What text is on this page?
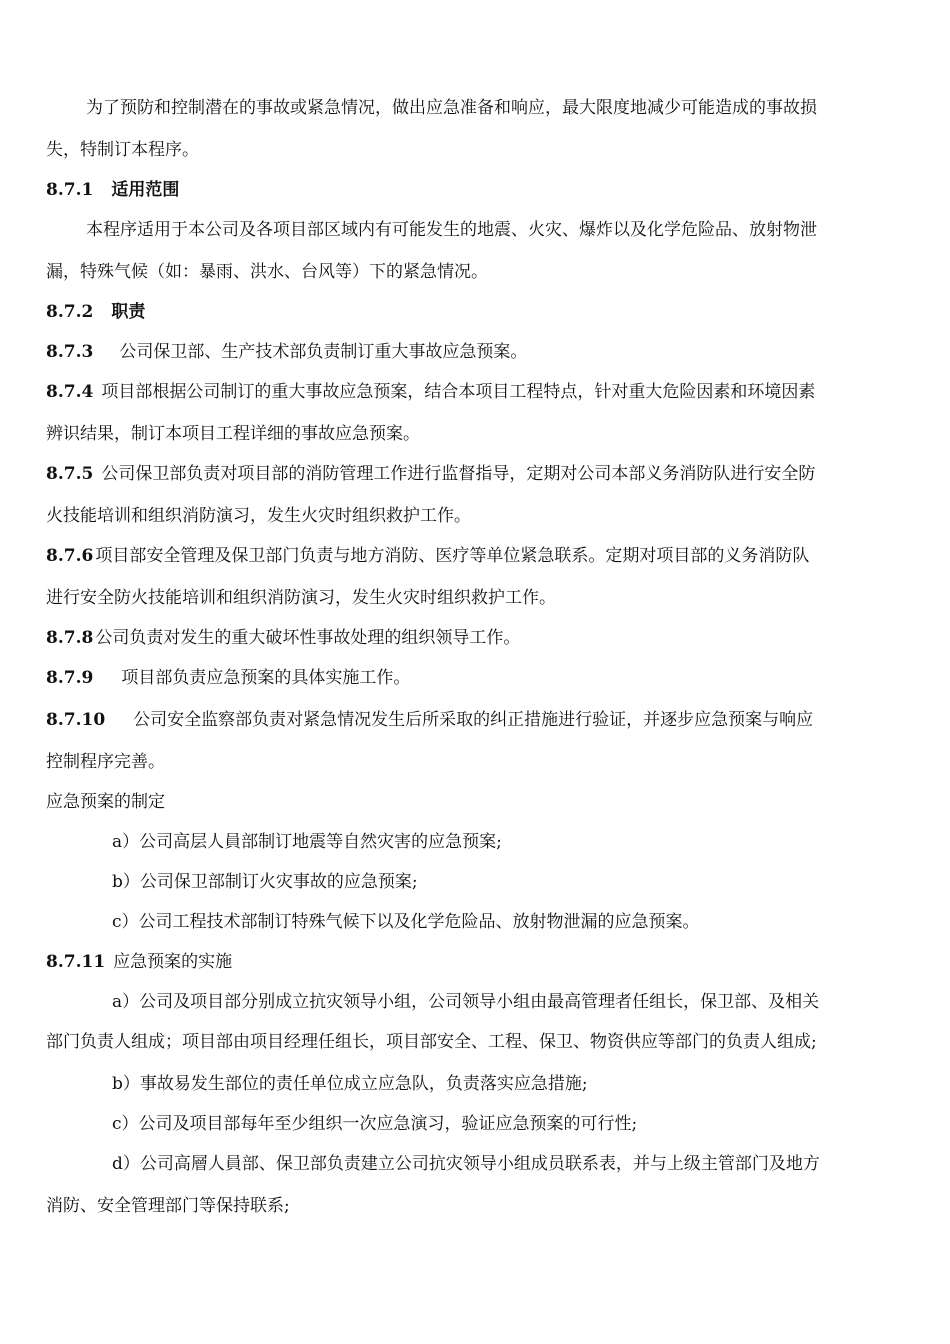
为了预防和控制潜在的事故或紧急情况，做出应急准备和响应，最大限度地减少可能造成的事故损
失，特制订本程序。
8.7.1 适用范围
本程序适用于本公司及各项目部区域内有可能发生的地震、火灾、爆炸以及化学危险品、放射物泄
漏，特殊气候（如：暴雨、洪水、台风等）下的紧急情况。
8.7.2 职责
8.7.3 公司保卫部、生产技术部负责制订重大事故应急预案。
8.7.4 项目部根据公司制订的重大事故应急预案，结合本项目工程特点，针对重大危险因素和环境因素
辨识结果，制订本项目工程详细的事故应急预案。
8.7.5 公司保卫部负责对项目部的消防管理工作进行监督指导，定期对公司本部义务消防队进行安全防
火技能培训和组织消防演习，发生火灾时组织救护工作。
8.7.6 项目部安全管理及保卫部门负责与地方消防、医疗等单位紧急联系。定期对项目部的义务消防队
进行安全防火技能培训和组织消防演习，发生火灾时组织救护工作。
8.7.8 公司负责对发生的重大破坏性事故处理的组织领导工作。
8.7.9 项目部负责应急预案的具体实施工作。
8.7.10 公司安全监察部负责对紧急情况发生后所采取的纠正措施进行验证，并逐步应急预案与响应
控制程序完善。
应急预案的制定
a）公司高层人員部制订地震等自然灾害的应急预案;
b）公司保卫部制订火灾事故的应急预案;
c）公司工程技术部制订特殊气候下以及化学危险品、放射物泄漏的应急预案。
8.7.11 应急预案的实施
a）公司及项目部分别成立抗灾领导小组，公司领导小组由最高管理者任组长，保卫部、及相关
部门负责人组成；项目部由项目经理任组长，项目部安全、工程、保卫、物资供应等部门的负责人组成;
b）事故易发生部位的责任单位成立应急队，负责落实应急措施;
c）公司及项目部每年至少组织一次应急演习，验证应急预案的可行性;
d）公司高層人員部、保卫部负责建立公司抗灾领导小组成员联系表，并与上级主管部门及地方
消防、安全管理部门等保持联系;
